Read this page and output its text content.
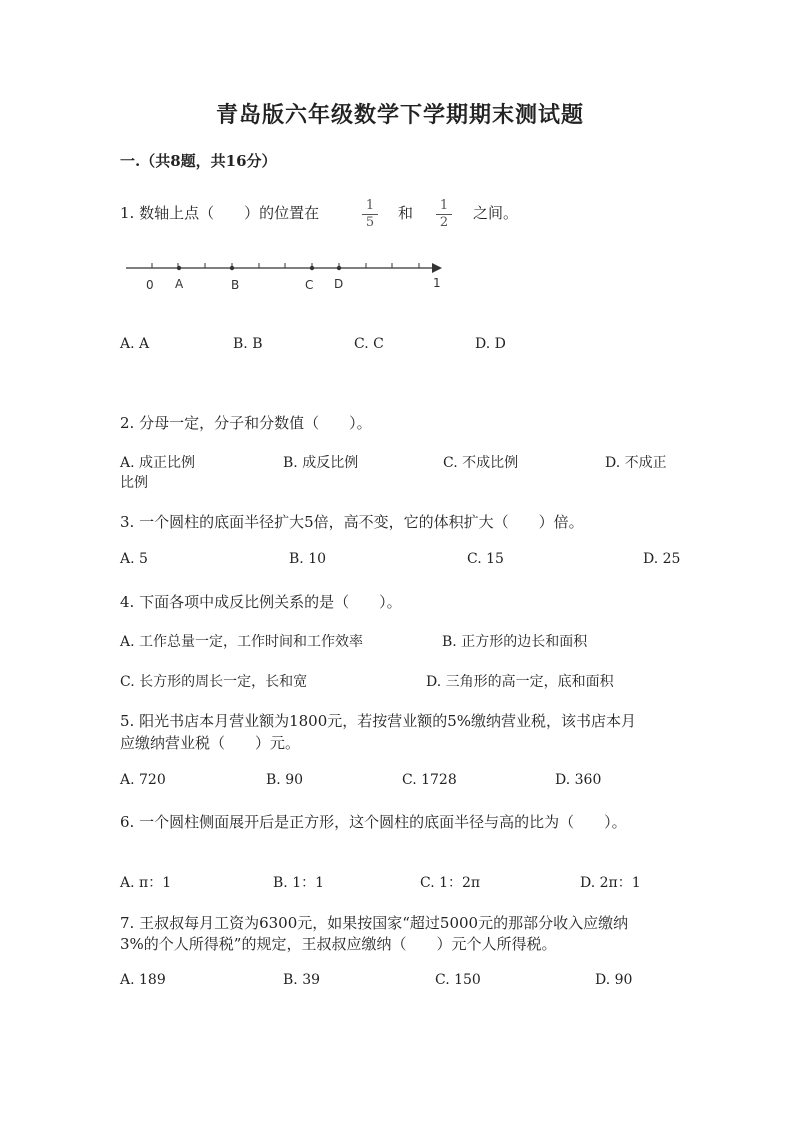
青岛版六年级数学下学期期末测试题
一.（共8题，共16分）
1. 数轴上点（　　）的位置在	$\frac{1}{5}$ 和 $\frac{1}{2}$ 之间。
0 A	B	C D	1
A. A	B. B	C. C	D. D
2. 分母一定，分子和分数值（　　）。
A. 成正比例	B. 成反比例	C. 不成比例	D. 不成正
比例
3. 一个圆柱的底面半径扩大5倍，高不变，它的体积扩大（　　）倍。
A. 5	B. 10	C. 15	D. 25
4. 下面各项中成反比例关系的是（　　）。
A. 工作总量一定，工作时间和工作效率	B. 正方形的边长和面积
C. 长方形的周长一定，长和宽	D. 三角形的高一定，底和面积
5. 阳光书店本月营业额为1800元，若按营业额的5%缴纳营业税，该书店本月
应缴纳营业税（　　）元。
A. 720	B. 90	C. 1728	D. 360
6. 一个圆柱侧面展开后是正方形，这个圆柱的底面半径与高的比为（　　）。
A. π：1	B. 1：1	C. 1：2π	D. 2π：1
7. 王叔叔每月工资为6300元，如果按国家“超过5000元的那部分收入应缴纳
3%的个人所得税”的规定，王叔叔应缴纳（　　）元个人所得税。
A. 189	B. 39	C. 150	D. 90
